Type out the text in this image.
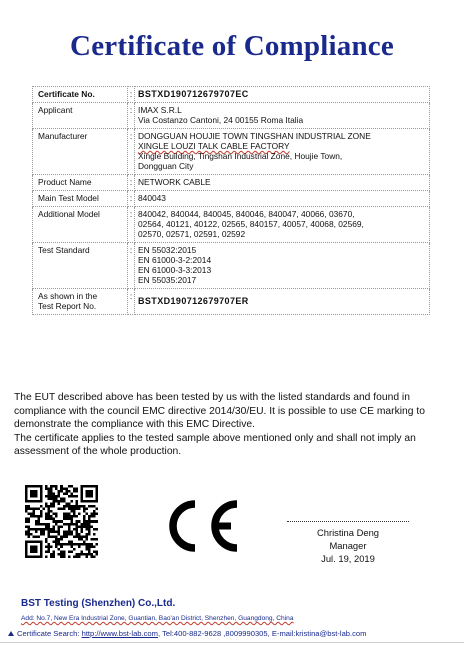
Certificate of Compliance
Certificate No.	:	BSTXD190712679707EC
Applicant	:	IMAX S.R.L
Via Costanzo Cantoni, 24 00155 Roma Italia

Manufacturer	:	DONGGUAN HOUJIE TOWN TINGSHAN INDUSTRIAL ZONE
XINGLE LOUZI TALK CABLE FACTORY
Xingle Building, Tingshan Industrial Zone, Houjie Town,
Dongguan City

Product Name	:	NETWORK CABLE
Main Test Model	:	840043
Additional Model	:	840042, 840044, 840045, 840046, 840047, 40066, 03670,
02564, 40121, 40122, 02565, 840157, 40057, 40068, 02569,
02570, 02571, 02591, 02592

Test Standard	:	EN 55032:2015
EN 61000-3-2:2014
EN 61000-3-3:2013
EN 55035:2017

As shown in the
Test Report No.	:	BSTXD190712679707ER

The EUT described above has been tested by us with the listed standards and found in compliance with the council EMC directive 2014/30/EU. It is possible to use CE marking to demonstrate the compliance with this EMC Directive.

The certificate applies to the tested sample above mentioned only and shall not imply an assessment of the whole production.

Christina Deng
Manager
Jul. 19, 2019
BST Testing (Shenzhen) Co.,Ltd.
Add: No.7, New Era Industrial Zone, Guantian, Bao'an District, Shenzhen, Guangdong, China
Certificate Search: http://www.bst-lab.com, Tel:400-882-9628 ,8009990305, E-mail:kristina@bst-lab.com
